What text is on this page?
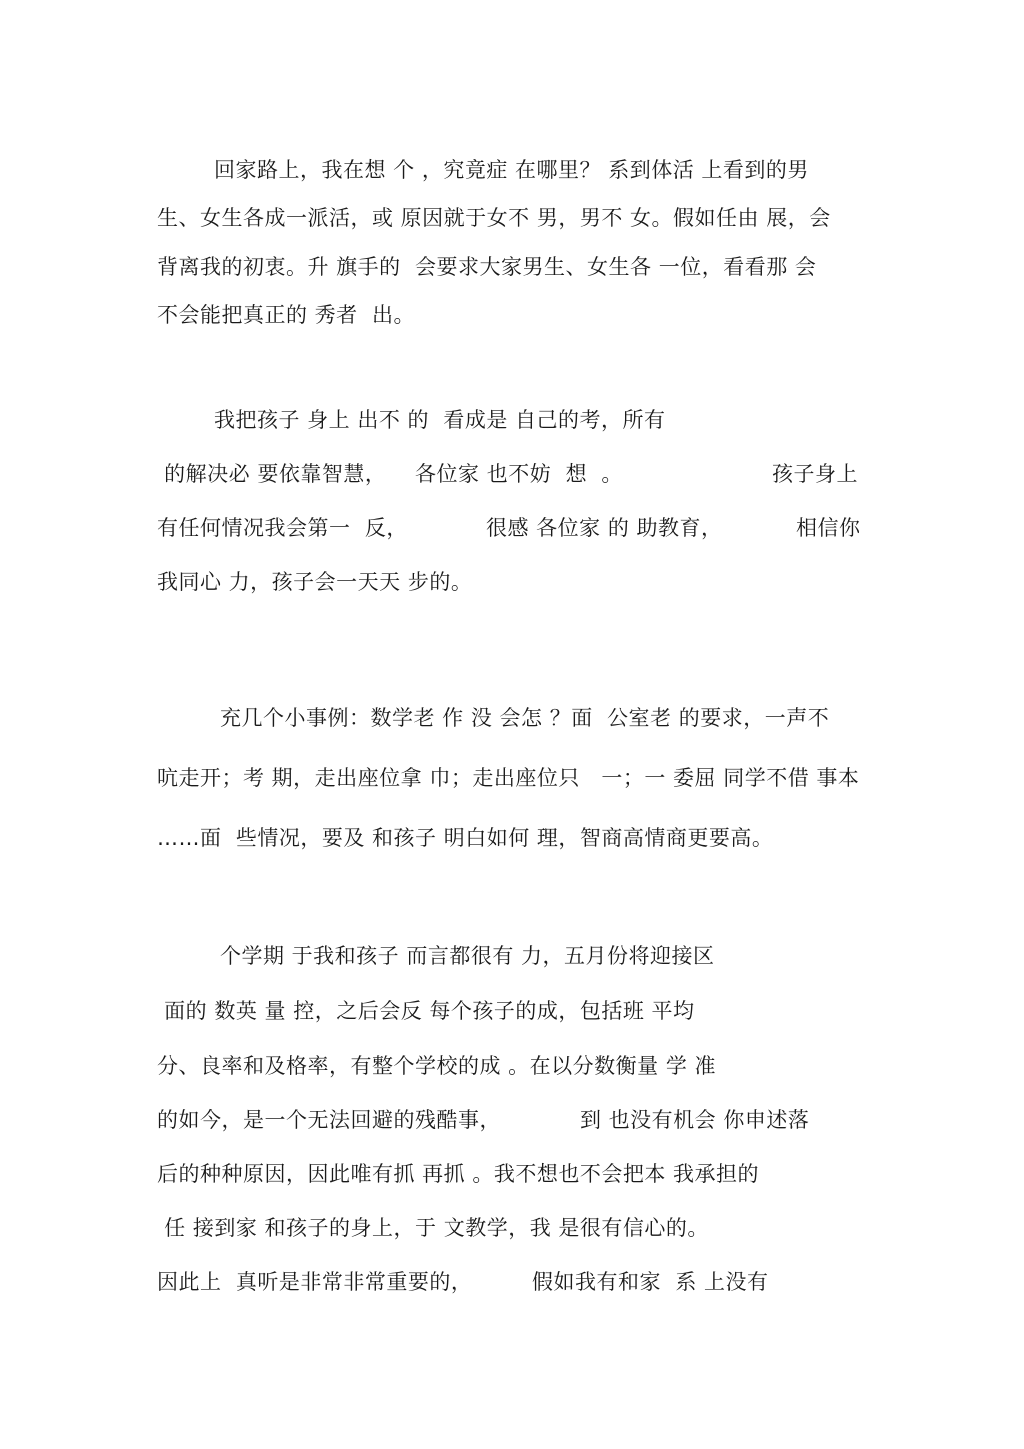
回家路上，我在想 个 ，究竟症 在哪里？ 系到体活 上看到的男
生、女生各成一派活，或 原因就于女不 男，男不 女。假如任由 展，会
背离我的初衷。升 旗手的  会要求大家男生、女生各 一位，看看那 会
不会能把真正的 秀者  出。
我把孩子 身上 出不 的  看成是 自己的考，所有
的解决必 要依靠智慧，    各位家 也不妨  想  。	孩子身上
有任何情况我会第一  反，	很感 各位家 的 助教育，	相信你
我同心 力，孩子会一天天 步的。
充几个小事例：数学老 作 没 会怎 ？面  公室老 的要求，一声不
吭走开；考 期，走出座位拿 巾；走出座位只   一；一 委屈 同学不借 事本
……面  些情况，要及 和孩子 明白如何 理，智商高情商更要高。
个学期 于我和孩子 而言都很有 力，五月份将迎接区
面的 数英 量 控，之后会反 每个孩子的成，包括班 平均
分、良率和及格率，有整个学校的成 。在以分数衡量 学 准
的如今，是一个无法回避的残酷事，	到 也没有机会 你申述落
后的种种原因，因此唯有抓 再抓 。我不想也不会把本 我承担的
任 接到家 和孩子的身上，于 文教学，我 是很有信心的。
因此上  真听是非常非常重要的，	假如我有和家  系 上没有
